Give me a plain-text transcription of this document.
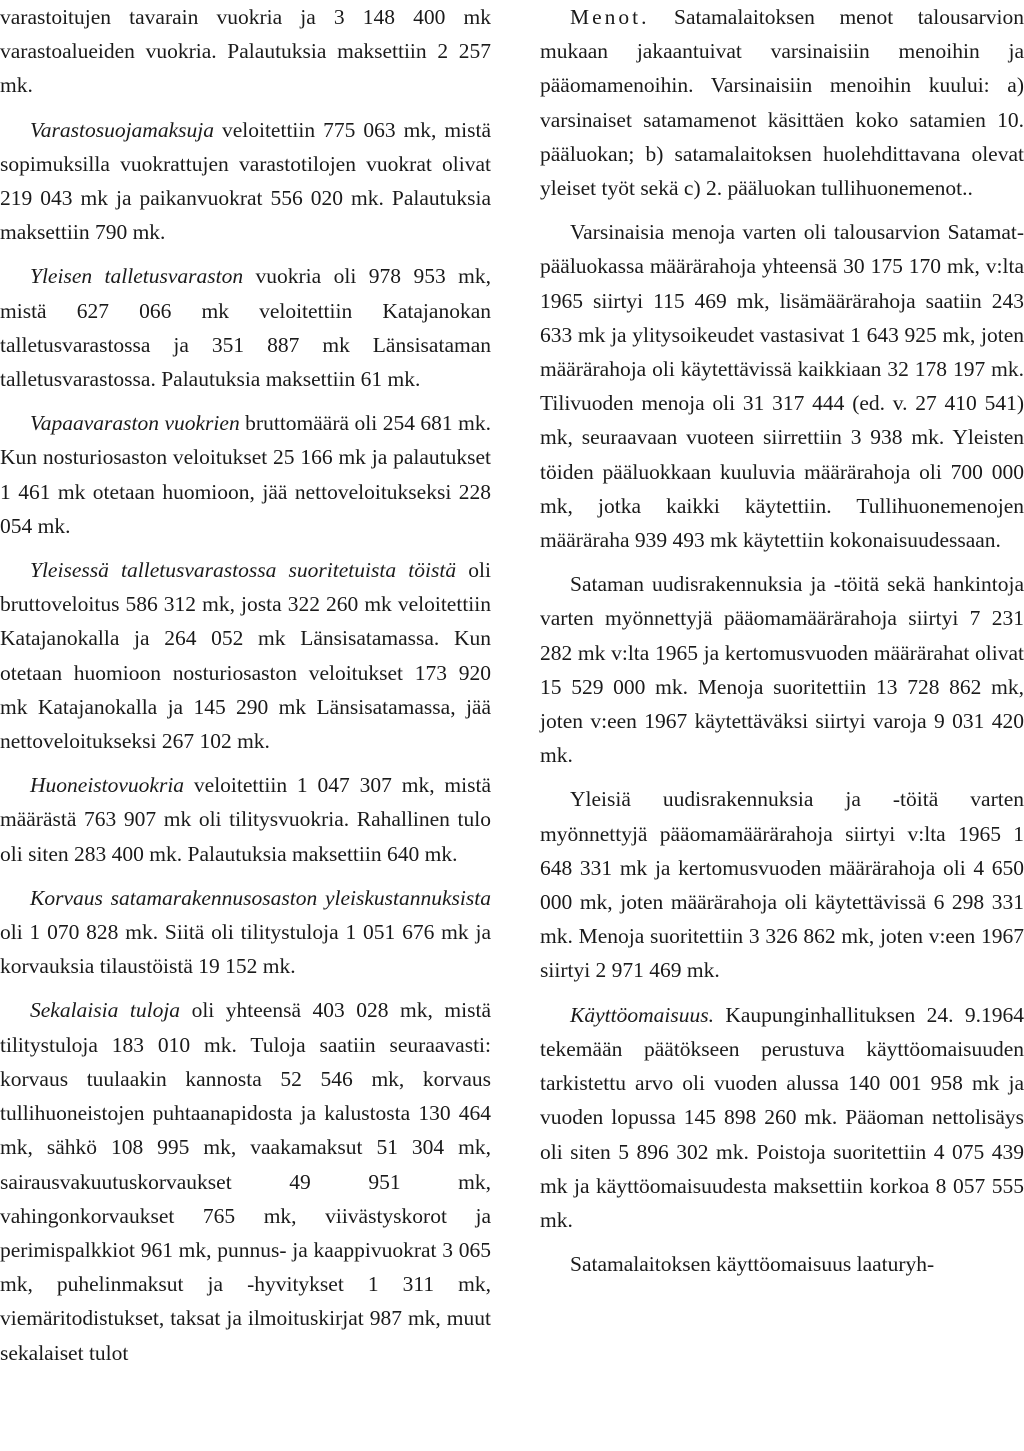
varastoitujen tavarain vuokria ja 3 148 400 mk varastoalueiden vuokria. Palautuksia maksettiin 2 257 mk.

Varastosuojamaksuja veloitettiin 775 063 mk, mistä sopimuksilla vuokrattujen varastotilojen vuokrat olivat 219 043 mk ja paikanvuokrat 556 020 mk. Palautuksia maksettiin 790 mk.

Yleisen talletusvaraston vuokria oli 978 953 mk, mistä 627 066 mk veloitettiin Katajanokan talletusvarastossa ja 351 887 mk Länsisataman talletusvarastossa. Palautuksia maksettiin 61 mk.

Vapaavaraston vuokrien bruttomäärä oli 254 681 mk. Kun nosturiosaston veloitukset 25 166 mk ja palautukset 1 461 mk otetaan huomioon, jää nettoveloitukseksi 228 054 mk.

Yleisessä talletusvarastossa suoritetuista töistä oli bruttoveloitus 586 312 mk, josta 322 260 mk veloitettiin Katajanokalla ja 264 052 mk Länsisatamassa. Kun otetaan huomioon nosturiosaston veloitukset 173 920 mk Katajanokalla ja 145 290 mk Länsisatamassa, jää nettoveloitukseksi 267 102 mk.

Huoneistovuokria veloitettiin 1 047 307 mk, mistä määrästä 763 907 mk oli tilitysvuokria. Rahallinen tulo oli siten 283 400 mk. Palautuksia maksettiin 640 mk.

Korvaus satamarakennusosaston yleiskustannuksista oli 1 070 828 mk. Siitä oli tilitystuloja 1 051 676 mk ja korvauksia tilaustöistä 19 152 mk.

Sekalaisia tuloja oli yhteensä 403 028 mk, mistä tilitystuloja 183 010 mk. Tuloja saatiin seuraavasti: korvaus tuulaakin kannosta 52 546 mk, korvaus tullihuoneistojen puhtaanapidosta ja kalustosta 130 464 mk, sähkö 108 995 mk, vaakamaksut 51 304 mk, sairausvakuutuskorvaukset 49 951 mk, vahingonkorvaukset 765 mk, viivästyskorot ja perimispalkkiot 961 mk, punnus- ja kaappivuokrat 3 065 mk, puhelinmaksut ja -hyvitykset 1 311 mk, viemäritodistukset, taksat ja ilmoituskirjat 987 mk, muut sekalaiset tulot

Menot. Satamalaitoksen menot talousarvion mukaan jakaantuivat varsinaisiin menoihin ja pääomamenoihin. Varsinaisiin menoihin kuului: a) varsinaiset satamamenot käsittäen koko satamien 10. pääluokan; b) satamalaitoksen huolehdittavana olevat yleiset työt sekä c) 2. pääluokan tullihuonemenot..

Varsinaisia menoja varten oli talousarvion Satamat-pääluokassa määrärahoja yhteensä 30 175 170 mk, v:lta 1965 siirtyi 115 469 mk, lisämäärärahoja saatiin 243 633 mk ja ylitysoikeudet vastasivat 1 643 925 mk, joten määrärahoja oli käytettävissä kaikkiaan 32 178 197 mk. Tilivuoden menoja oli 31 317 444 (ed. v. 27 410 541) mk, seuraavaan vuoteen siirrettiin 3 938 mk. Yleisten töiden pääluokkaan kuuluvia määrärahoja oli 700 000 mk, jotka kaikki käytettiin. Tullihuonemenojen määräraha 939 493 mk käytettiin kokonaisuudessaan.

Sataman uudisrakennuksia ja -töitä sekä hankintoja varten myönnettyjä pääomamäärärahoja siirtyi 7 231 282 mk v:lta 1965 ja kertomusvuoden määrärahat olivat 15 529 000 mk. Menoja suoritettiin 13 728 862 mk, joten v:een 1967 käytettäväksi siirtyi varoja 9 031 420 mk.

Yleisiä uudisrakennuksia ja -töitä varten myönnettyjä pääomamäärärahoja siirtyi v:lta 1965 1 648 331 mk ja kertomusvuoden määrärahoja oli 4 650 000 mk, joten määrärahoja oli käytettävissä 6 298 331 mk. Menoja suoritettiin 3 326 862 mk, joten v:een 1967 siirtyi 2 971 469 mk.

Käyttöomaisuus. Kaupunginhallituksen 24. 9.1964 tekemään päätökseen perustuva käyttöomaisuuden tarkistettu arvo oli vuoden alussa 140 001 958 mk ja vuoden lopussa 145 898 260 mk. Pääoman nettolisäys oli siten 5 896 302 mk. Poistoja suoritettiin 4 075 439 mk ja käyttöomaisuudesta maksettiin korkoa 8 057 555 mk.

Satamalaitoksen käyttöomaisuus laaturyh-
